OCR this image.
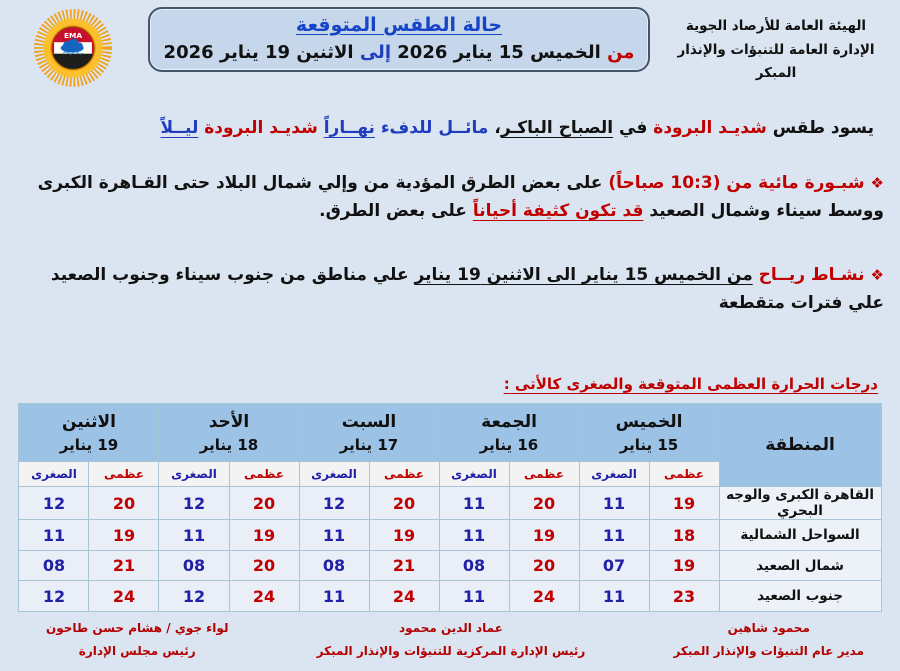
الهيئة العامة للأرصاد الجوية
الإدارة العامة للتنبؤات والإنذار المبكر
حالة الطقس المتوقعة
من الخميس 15 يناير 2026 إلى الاثنين 19 يناير 2026
EMA
يسود طقس شديـد البرودة في الصباح الباكـر، مائــل للدفء نهــاراً شديـد البرودة ليــلاً
❖شبـورة مائية من (10:3 صباحاً) على بعض الطرق المؤدية من وإلي شمال البلاد حتى القـاهرة الكبرى ووسط سيناء وشمال الصعيد قد تكون كثيفة أحياناً على بعض الطرق.
❖نشـاط ريــاح من الخميس 15 يناير الى الاثنين 19 يناير علي مناطق من جنوب سيناء وجنوب الصعيد علي فترات متقطعة
درجات الحرارة العظمى المتوقعة والصغرى كالأتى :
المنطقة	
الخميس
15 يناير

الجمعة
16 يناير

السبت
17 يناير

الأحد
18 يناير

الاثنين
19 يناير

	عظمى	الصغرى	عظمى	الصغرى	عظمى	الصغرى	عظمى	الصغرى	عظمى	الصغرى
القاهرة الكبرى والوجه البحري	19	11	20	11	20	12	20	12	20	12
السواحل الشمالية	18	11	19	11	19	11	19	11	19	11
شمال الصعيد	19	07	20	08	21	08	20	08	21	08
جنوب الصعيد	23	11	24	11	24	11	24	12	24	12
محمود شاهين
مدير عام التنبؤات والإنذار المبكر
عماد الدين محمود
رئيس الإدارة المركزية للتنبؤات والإنذار المبكر
لواء جوي / هشام حسن طاحون
رئيس مجلس الإدارة
